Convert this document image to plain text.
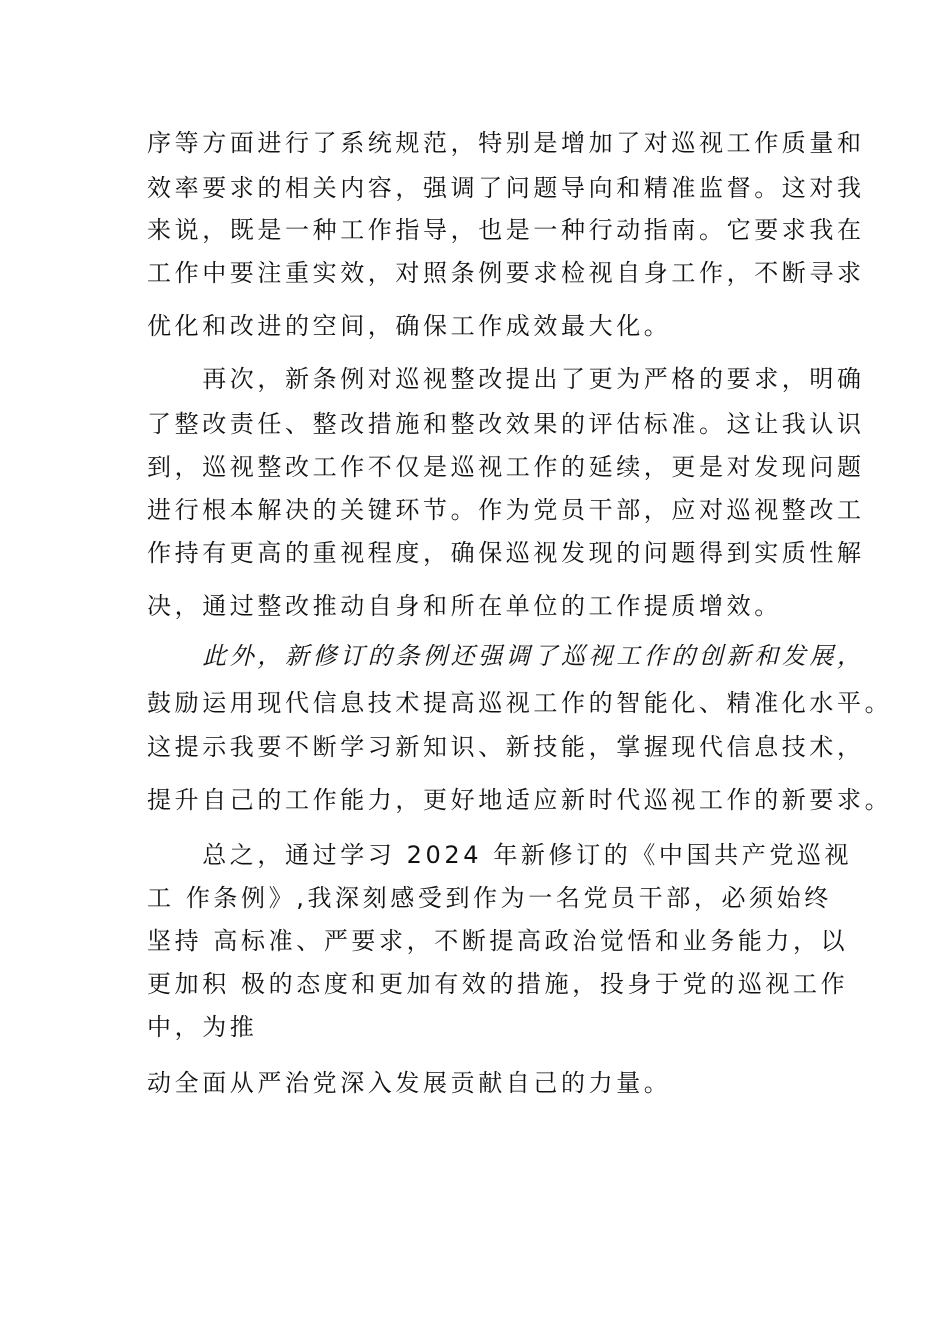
序等方面进行了系统规范，特别是增加了对巡视工作质量和
效率要求的相关内容，强调了问题导向和精准监督。这对我
来说，既是一种工作指导，也是一种行动指南。它要求我在
工作中要注重实效，对照条例要求检视自身工作，不断寻求
优化和改进的空间，确保工作成效最大化。
　　再次，新条例对巡视整改提出了更为严格的要求，明确
了整改责任、整改措施和整改效果的评估标准。这让我认识
到，巡视整改工作不仅是巡视工作的延续，更是对发现问题
进行根本解决的关键环节。作为党员干部，应对巡视整改工
作持有更高的重视程度，确保巡视发现的问题得到实质性解
决，通过整改推动自身和所在单位的工作提质增效。
　　此外，新修订的条例还强调了巡视工作的创新和发展，
鼓励运用现代信息技术提高巡视工作的智能化、精准化水平。
这提示我要不断学习新知识、新技能，掌握现代信息技术，
提升自己的工作能力，更好地适应新时代巡视工作的新要求。
　　总之，通过学习 2024 年新修订的《中国共产党巡视
工 作条例》,我深刻感受到作为一名党员干部，必须始终
坚持 高标准、严要求，不断提高政治觉悟和业务能力，以
更加积 极的态度和更加有效的措施，投身于党的巡视工作
中，为推
动全面从严治党深入发展贡献自己的力量。
